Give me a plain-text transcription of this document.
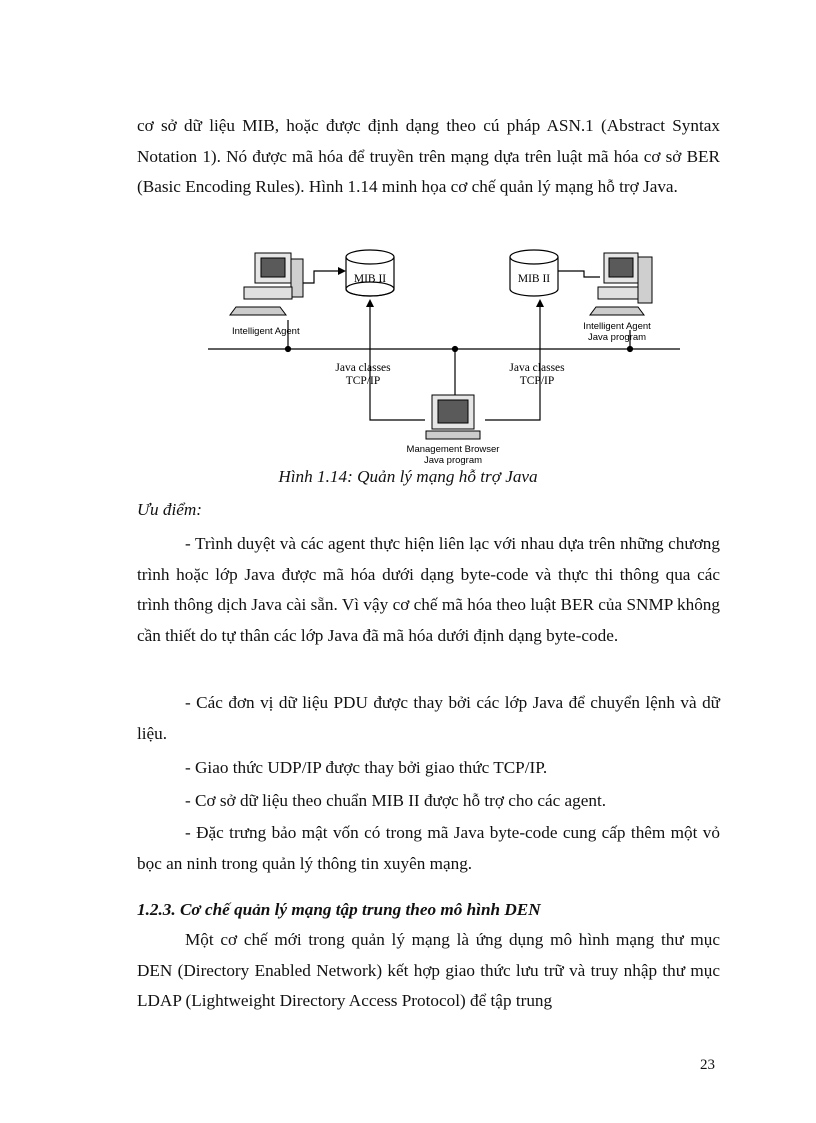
cơ sở dữ liệu MIB, hoặc được định dạng theo cú pháp ASN.1 (Abstract Syntax Notation 1). Nó được mã hóa để truyền trên mạng dựa trên luật mã hóa cơ sở BER (Basic Encoding Rules). Hình 1.14 minh họa cơ chế quản lý mạng hỗ trợ Java.

MIB II	MIB II
Intelligent Agent	Intelligent Agent
Java program
Java classes
TCP/IP
Java classes
TCP/IP
Management Browser
Java program
Hình 1.14: Quản lý mạng hỗ trợ Java
Ưu điểm:

- Trình duyệt và các agent thực hiện liên lạc với nhau dựa trên những chương trình hoặc lớp Java được mã hóa dưới dạng byte-code và thực thi thông qua các trình thông dịch Java cài sẵn. Vì vậy cơ chế mã hóa theo luật BER của SNMP không cần thiết do tự thân các lớp Java đã mã hóa dưới định dạng byte-code.

- Các đơn vị dữ liệu PDU được thay bởi các lớp Java để chuyển lệnh và dữ liệu.

- Giao thức UDP/IP được thay bởi giao thức TCP/IP.

- Cơ sở dữ liệu theo chuẩn MIB II được hỗ trợ cho các agent.

- Đặc trưng bảo mật vốn có trong mã Java byte-code cung cấp thêm một vỏ bọc an ninh trong quản lý thông tin xuyên mạng.

1.2.3. Cơ chế quản lý mạng tập trung theo mô hình DEN

Một cơ chế mới trong quản lý mạng là ứng dụng mô hình mạng thư mục DEN (Directory Enabled Network) kết hợp giao thức lưu trữ và truy nhập thư mục LDAP (Lightweight Directory Access Protocol) để tập trung

23
